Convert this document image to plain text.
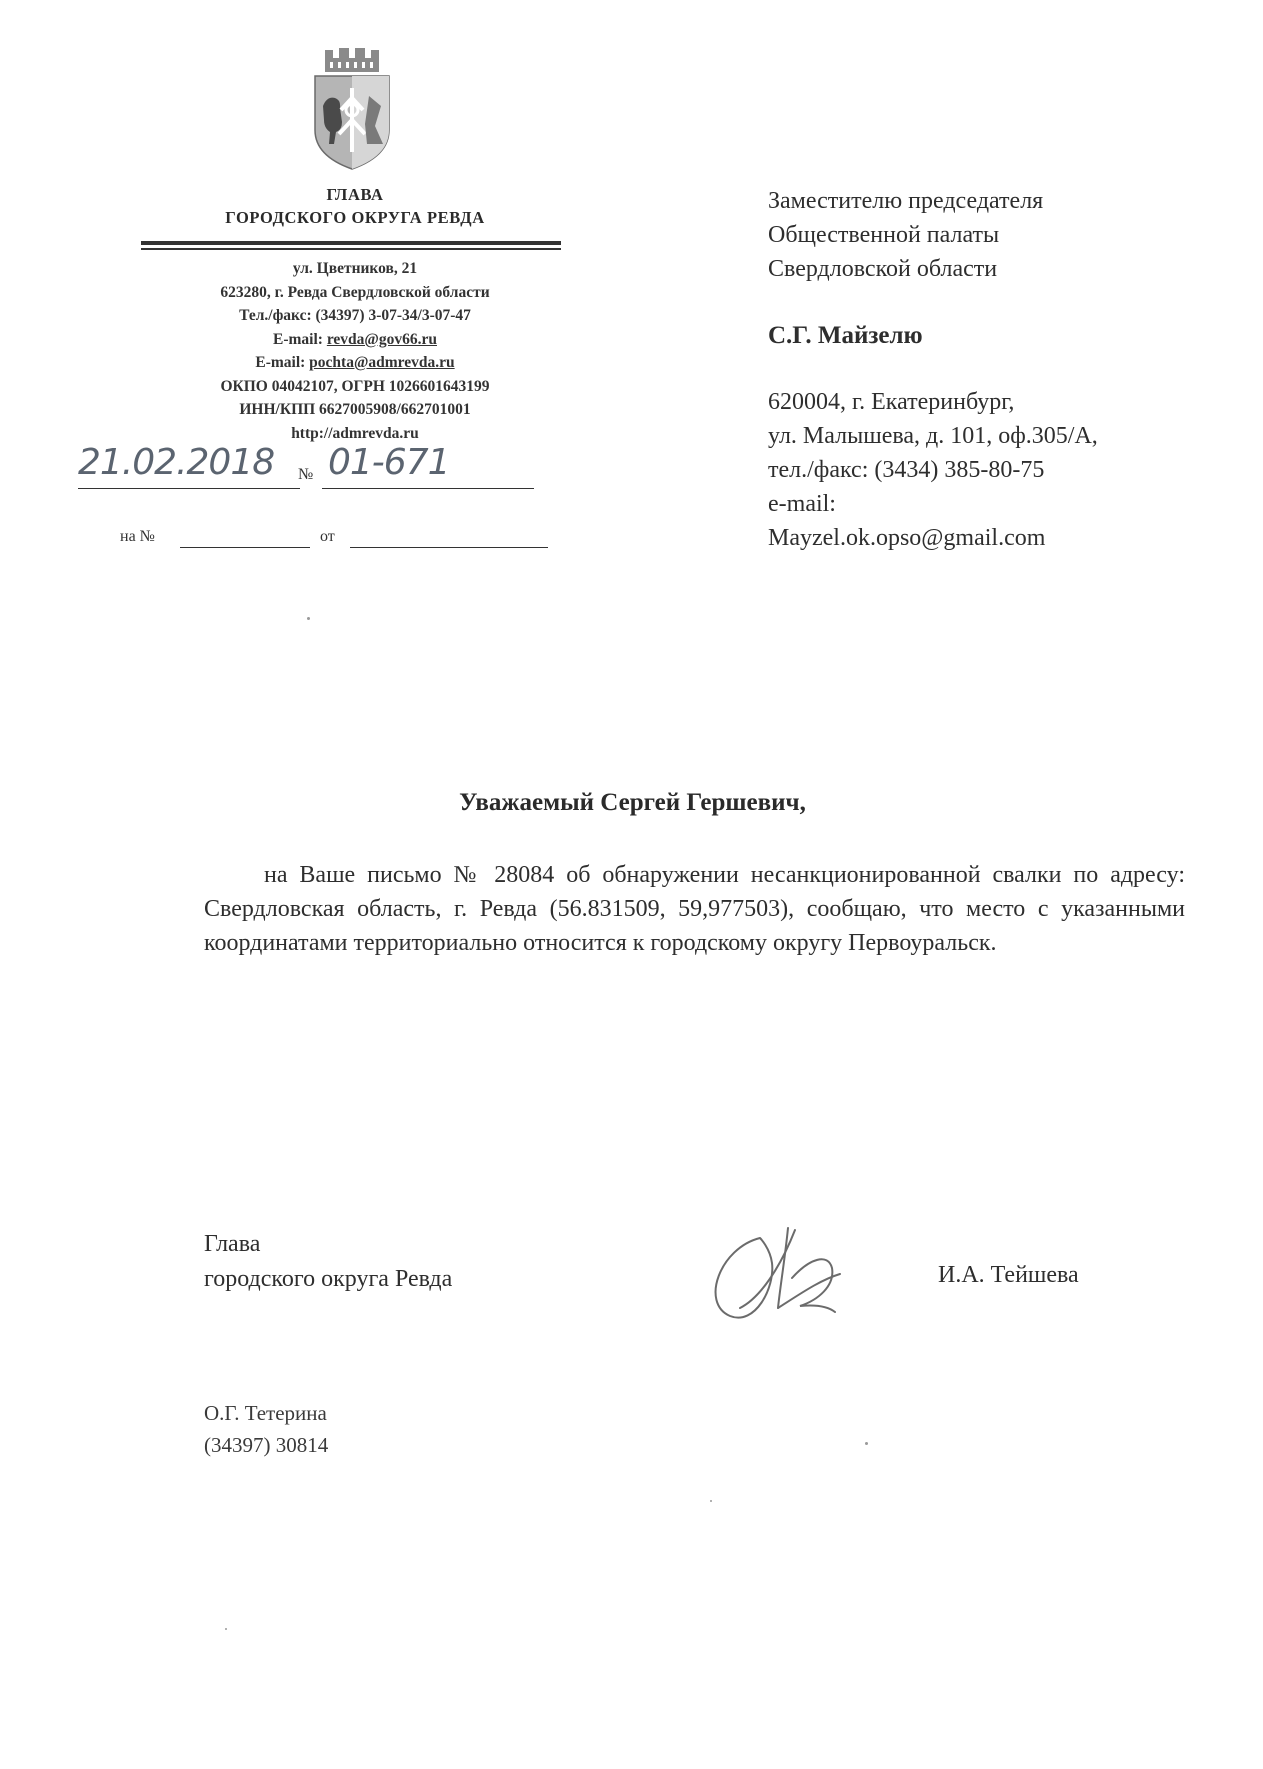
ГЛАВА
ГОРОДСКОГО ОКРУГА РЕВДА
ул. Цветников, 21
623280, г. Ревда Свердловской области
Тел./факс: (34397) 3-07-34/3-07-47
E-mail: revda@gov66.ru
E-mail: pochta@admrevda.ru
ОКПО 04042107, ОГРН 1026601643199
ИНН/КПП 6627005908/662701001
http://admrevda.ru
21.02.2018 № 01-671
на №	от
Заместителю председателя
Общественной палаты
Свердловской области
С.Г. Майзелю
620004, г. Екатеринбург,
ул. Малышева, д. 101, оф.305/А,
тел./факс: (3434) 385-80-75
e-mail:
Mayzel.ok.opso@gmail.com
Уважаемый Сергей Гершевич,

на Ваше письмо № 28084 об обнаружении несанкционированной свалки по адресу: Свердловская область, г. Ревда (56.831509, 59,977503), сообщаю, что место с указанными координатами территориально относится к городскому округу Первоуральск.

Глава
городского округа Ревда	И.А. Тейшева
О.Г. Тетерина
(34397) 30814
